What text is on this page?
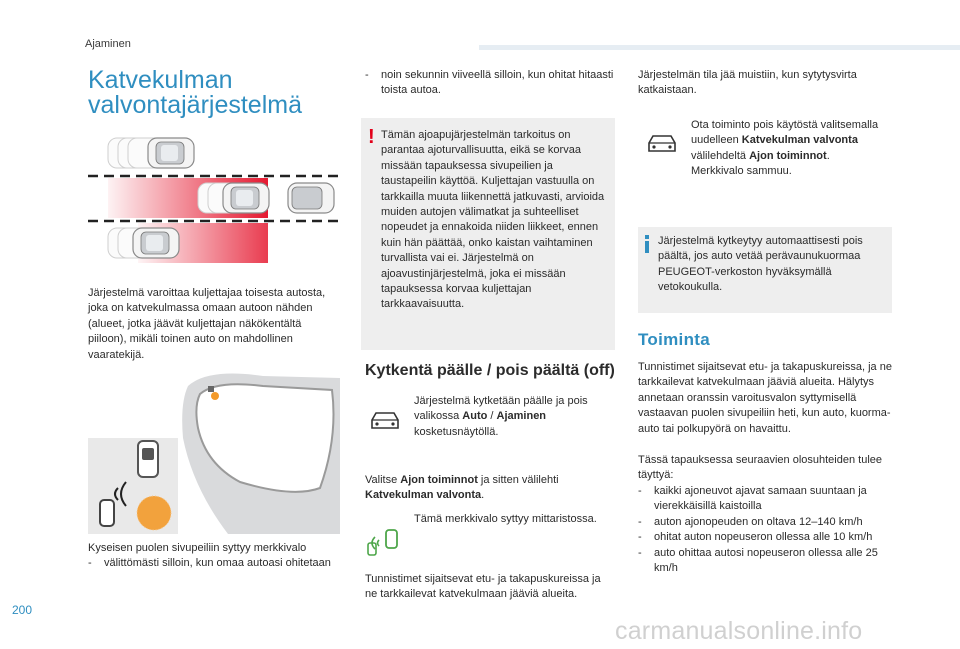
Ajaminen
Katvekulman
valvontajärjestelmä

Järjestelmä varoittaa kuljettajaa toisesta autosta, joka on katvekulmassa omaan autoon nähden (alueet, jotka jäävät kuljettajan näkökentältä piiloon), mikäli toinen auto on mahdollinen vaaratekijä.

Kyseisen puolen sivupeiliin syttyy merkkivalo

-	välittömästi silloin, kun omaa autoasi ohitetaan
-	noin sekunnin viiveellä silloin, kun ohitat hitaasti toista autoa.
! Tämän ajoapujärjestelmän tarkoitus on parantaa ajoturvallisuutta, eikä se korvaa missään tapauksessa sivupeilien ja taustapeilin käyttöä. Kuljettajan vastuulla on tarkkailla muuta liikennettä jatkuvasti, arvioida muiden autojen välimatkat ja suhteelliset nopeudet ja ennakoida niiden liikkeet, ennen kuin hän päättää, onko kaistan vaihtaminen turvallista vai ei. Järjestelmä on ajoavustinjärjestelmä, joka ei missään tapauksessa korvaa kuljettajan tarkkaavaisuutta.

Kytkentä päälle / pois päältä (off)

Järjestelmä kytketään päälle ja pois valikossa Auto / Ajaminen kosketusnäytöllä.

Valitse Ajon toiminnot ja sitten välilehti Katvekulman valvonta.

Tämä merkkivalo syttyy mittaristossa.

Tunnistimet sijaitsevat etu- ja takapuskureissa ja ne tarkkailevat katvekulmaan jääviä alueita.

Järjestelmän tila jää muistiin, kun sytytysvirta katkaistaan.

Ota toiminto pois käytöstä valitsemalla uudelleen Katvekulman valvonta välilehdeltä Ajon toiminnot.
Merkkivalo sammuu.

Järjestelmä kytkeytyy automaattisesti pois päältä, jos auto vetää perävaunukuormaa PEUGEOT-verkoston hyväksymällä vetokoukulla.

Toiminta

Tunnistimet sijaitsevat etu- ja takapuskureissa, ja ne tarkkailevat katvekulmaan jääviä alueita. Hälytys annetaan oranssin varoitusvalon syttymisellä vastaavan puolen sivupeiliin heti, kun auto, kuorma-auto tai polkupyörä on havaittu.

Tässä tapauksessa seuraavien olosuhteiden tulee täyttyä:

-	kaikki ajoneuvot ajavat samaan suuntaan ja vierekkäisillä kaistoilla
-	auton ajonopeuden on oltava 12–140 km/h
-	ohitat auton nopeuseron ollessa alle 10 km/h
-	auto ohittaa autosi nopeuseron ollessa alle 25 km/h
200
carmanualsonline.info
